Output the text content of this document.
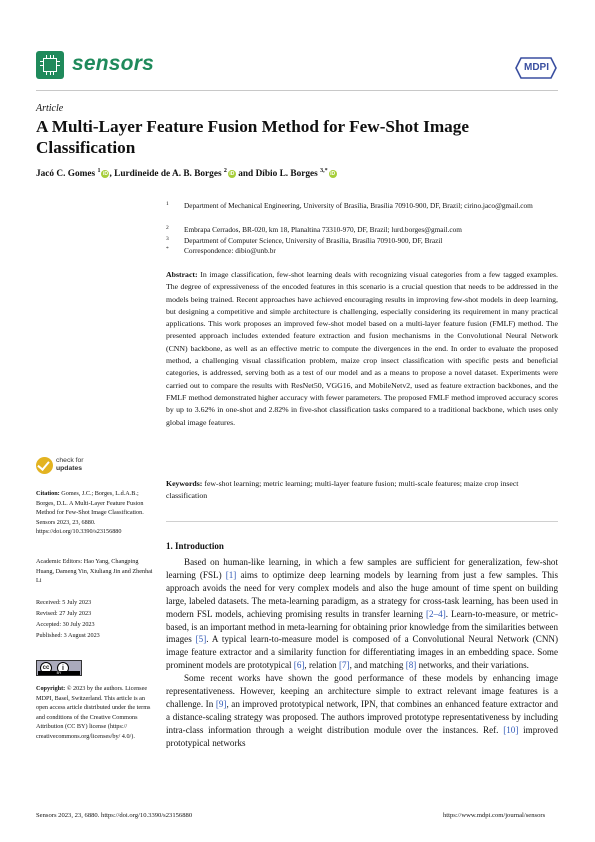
sensors	MDPI
Article
A Multi-Layer Feature Fusion Method for Few-Shot Image Classification
Jacó C. Gomes $^1$ iD , Lurdineide de A. B. Borges $^2$ iD and Díbio L. Borges $^{3,*}$ iD
1 Department of Mechanical Engineering, University of Brasília, Brasília 70910-900, DF, Brazil; cirino.jaco@gmail.com
2 Embrapa Cerrados, BR-020, km 18, Planaltina 73310-970, DF, Brazil; lurd.borges@gmail.com
3 Department of Computer Science, University of Brasília, Brasília 70910-900, DF, Brazil
* Correspondence: dibio@unb.br
Abstract: In image classification, few-shot learning deals with recognizing visual categories from a few tagged examples. The degree of expressiveness of the encoded features in this scenario is a crucial question that needs to be addressed in the models being trained. Recent approaches have achieved encouraging results in improving few-shot models in deep learning, but designing a competitive and simple architecture is challenging, especially considering its requirement in many practical applications. This work proposes an improved few-shot model based on a multi-layer feature fusion (FMLF) method. The presented approach includes extended feature extraction and fusion mechanisms in the Convolutional Neural Network (CNN) backbone, as well as an effective metric to compute the divergences in the end. In order to evaluate the proposed method, a challenging visual classification problem, maize crop insect classification with specific pests and beneficial categories, is addressed, serving both as a test of our model and as a means to propose a novel dataset. Experiments were carried out to compare the results with ResNet50, VGG16, and MobileNetv2, used as feature extraction backbones, and the FMLF method demonstrated higher accuracy with fewer parameters. The proposed FMLF method improved accuracy scores by up to 3.62% in one-shot and 2.82% in five-shot classification tasks compared to a traditional backbone, which uses only global image features.
Keywords: few-shot learning; metric learning; multi-layer feature fusion; multi-scale features; maize crop insect classification
check for
updates
Citation: Gomes, J.C.; Borges, L.d.A.B.; Borges, D.L. A Multi-Layer Feature Fusion Method for Few-Shot Image Classification. Sensors 2023, 23, 6880. https://doi.org/10.3390/s23156880
Academic Editors: Hao Yang, Changping Huang, Dameng Yin, Xiuliang Jin and Zhenhai Li
Received: 5 July 2023
Revised: 27 July 2023
Accepted: 30 July 2023
Published: 3 August 2023
cc	i
BY
Copyright: © 2023 by the authors. Licensee MDPI, Basel, Switzerland. This article is an open access article distributed under the terms and conditions of the Creative Commons Attribution (CC BY) license (https:// creativecommons.org/licenses/by/ 4.0/).
1. Introduction

Based on human-like learning, in which a few samples are sufficient for generalization, few-shot learning (FSL) [1] aims to optimize deep learning models by learning from just a few samples. This approach avoids the need for very complex models and also the huge amount of time spent on building large, labeled datasets. The meta-learning paradigm, as a strategy for cross-task learning, has been used in modern FSL models, achieving promising results in transfer learning [2–4]. Learn-to-measure, or metric-based, is an important method in meta-learning for obtaining prior knowledge from the similarities between images [5]. A typical learn-to-measure model is composed of a Convolutional Neural Network (CNN) image feature extractor and a similarity function for differentiating images in an embedding space. Some prominent models are prototypical [6], relation [7], and matching [8] networks, and their variations.

Some recent works have shown the good performance of these models by enhancing image representativeness. However, keeping an architecture simple to extract relevant image features is a challenge. In [9], an improved prototypical network, IPN, that combines an enhanced feature extractor and a distance-scaling strategy was proposed. The authors improved prototype representativeness by including intra-class information through a weight distribution module over the instances. Ref. [10] improved prototypical networks

Sensors 2023, 23, 6880. https://doi.org/10.3390/s23156880	https://www.mdpi.com/journal/sensors
